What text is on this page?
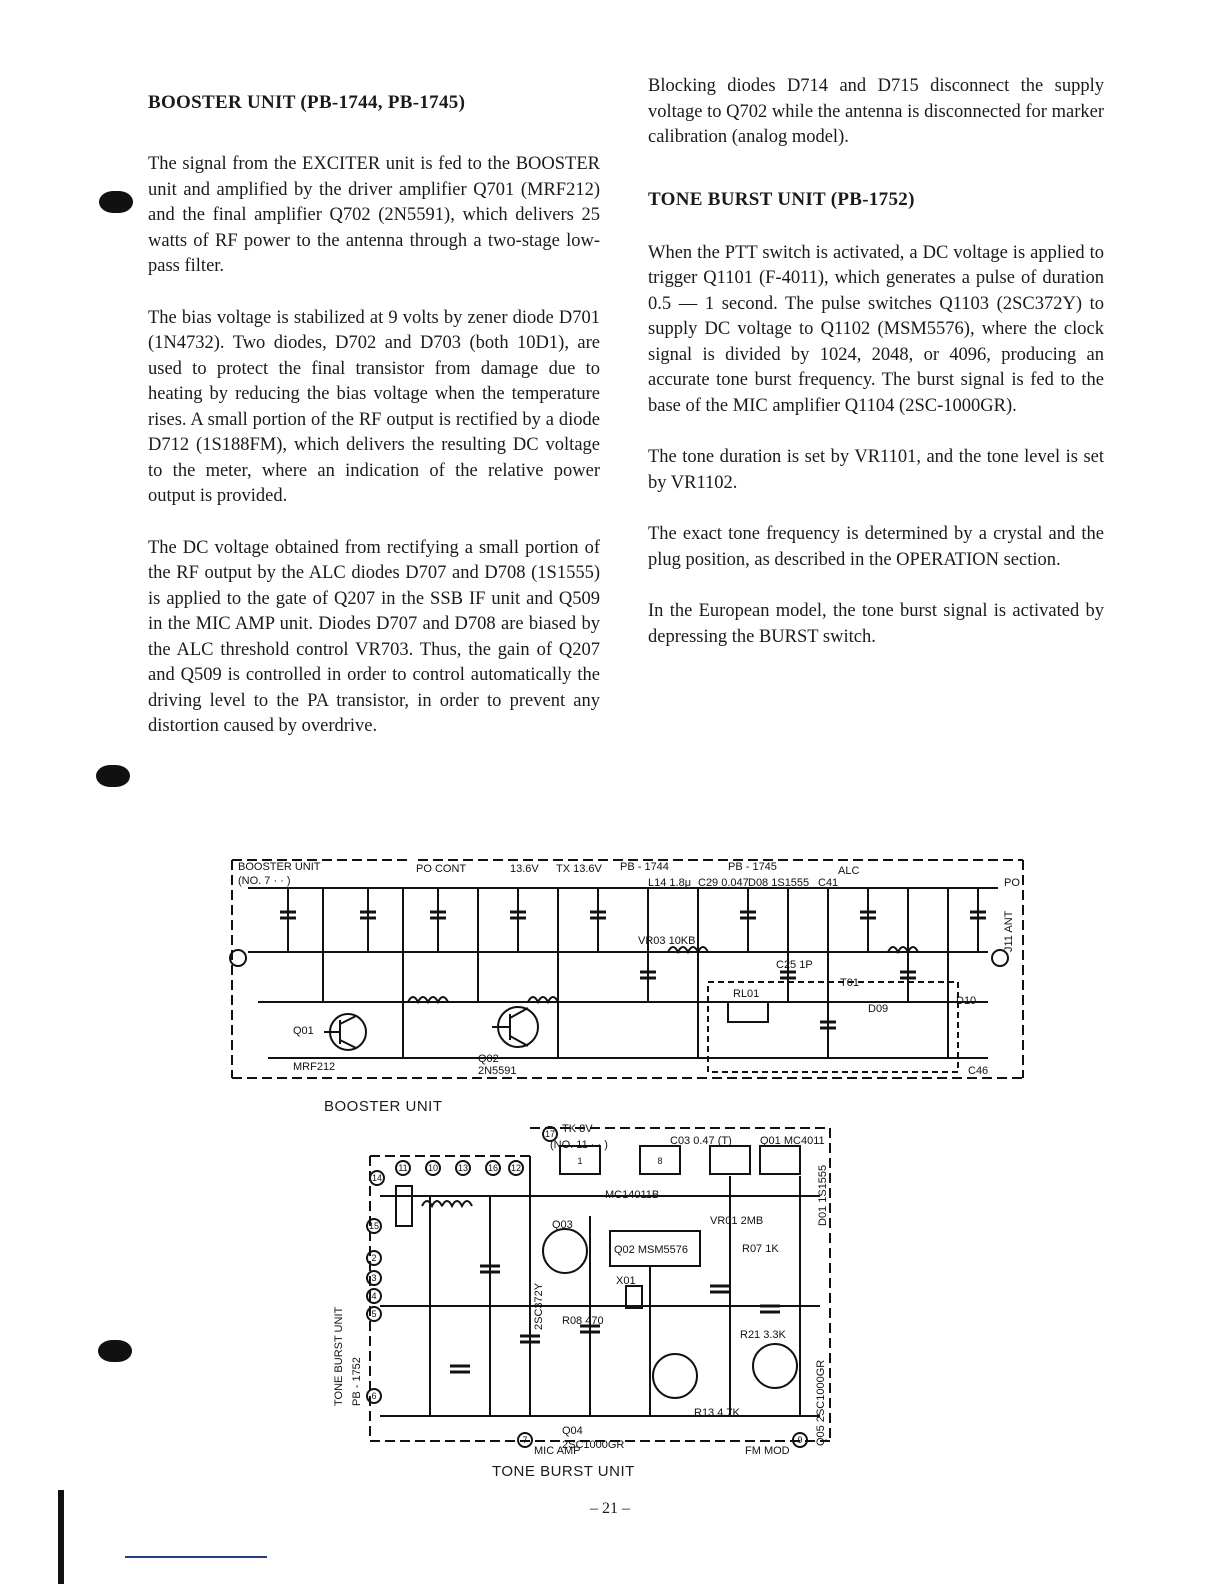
BOOSTER UNIT (PB-1744, PB-1745)

The signal from the EXCITER unit is fed to the BOOSTER unit and amplified by the driver amplifier Q701 (MRF212) and the final amplifier Q702 (2N5591), which delivers 25 watts of RF power to the antenna through a two-stage low-pass filter.

The bias voltage is stabilized at 9 volts by zener diode D701 (1N4732). Two diodes, D702 and D703 (both 10D1), are used to protect the final transistor from damage due to heating by reducing the bias voltage when the temperature rises. A small portion of the RF output is rectified by a diode D712 (1S188FM), which delivers the resulting DC voltage to the meter, where an indication of the relative power output is provided.

The DC voltage obtained from rectifying a small portion of the RF output by the ALC diodes D707 and D708 (1S1555) is applied to the gate of Q207 in the SSB IF unit and Q509 in the MIC AMP unit. Diodes D707 and D708 are biased by the ALC threshold control VR703. Thus, the gain of Q207 and Q509 is controlled in order to control automatically the driving level to the PA transistor, in order to prevent any distortion caused by overdrive.

Blocking diodes D714 and D715 disconnect the supply voltage to Q702 while the antenna is disconnected for marker calibration (analog model).

TONE BURST UNIT (PB-1752)

When the PTT switch is activated, a DC voltage is applied to trigger Q1101 (F-4011), which generates a pulse of duration 0.5 — 1 second. The pulse switches Q1103 (2SC372Y) to supply DC voltage to Q1102 (MSM5576), where the clock signal is divided by 1024, 2048, or 4096, producing an accurate tone burst frequency. The burst signal is fed to the base of the MIC amplifier Q1104 (2SC-1000GR).

The tone duration is set by VR1101, and the tone level is set by VR1102.

The exact tone frequency is determined by a crystal and the plug position, as described in the OPERATION section.

In the European model, the tone burst signal is activated by depressing the BURST switch.

BOOSTER UNIT
(NO. 7 · · )
PO CONT	13.6V TX 13.6V PB - 1744	PB - 1745	ALC
PO
J11 ANT
Q01
MRF212
Q02
2N5591
RL01
T01
D09
D10
L14 1.8μ C29 0.047 D08 1S1555 C41
C46
C25 1P
VR03 10KB
BOOSTER UNIT
TK 8V
(NO. 11 · · )	Q01 MC4011
MC14011B
Q02 MSM5576
Q03
2SC372Y
X01
R08 470
Q04
2SC1000GR	Q05 2SC1000GR
MIC AMP	FM MOD
TONE BURST UNIT PB - 1752
VR01 2MB
R07 1K
R13 4.7K
R21 3.3K
C03 0.47 (T)
D01 1S1555
15
2
3
4
5
6
14
11 10 13 16 12
17
7	9
1	8
TONE BURST UNIT
– 21 –
